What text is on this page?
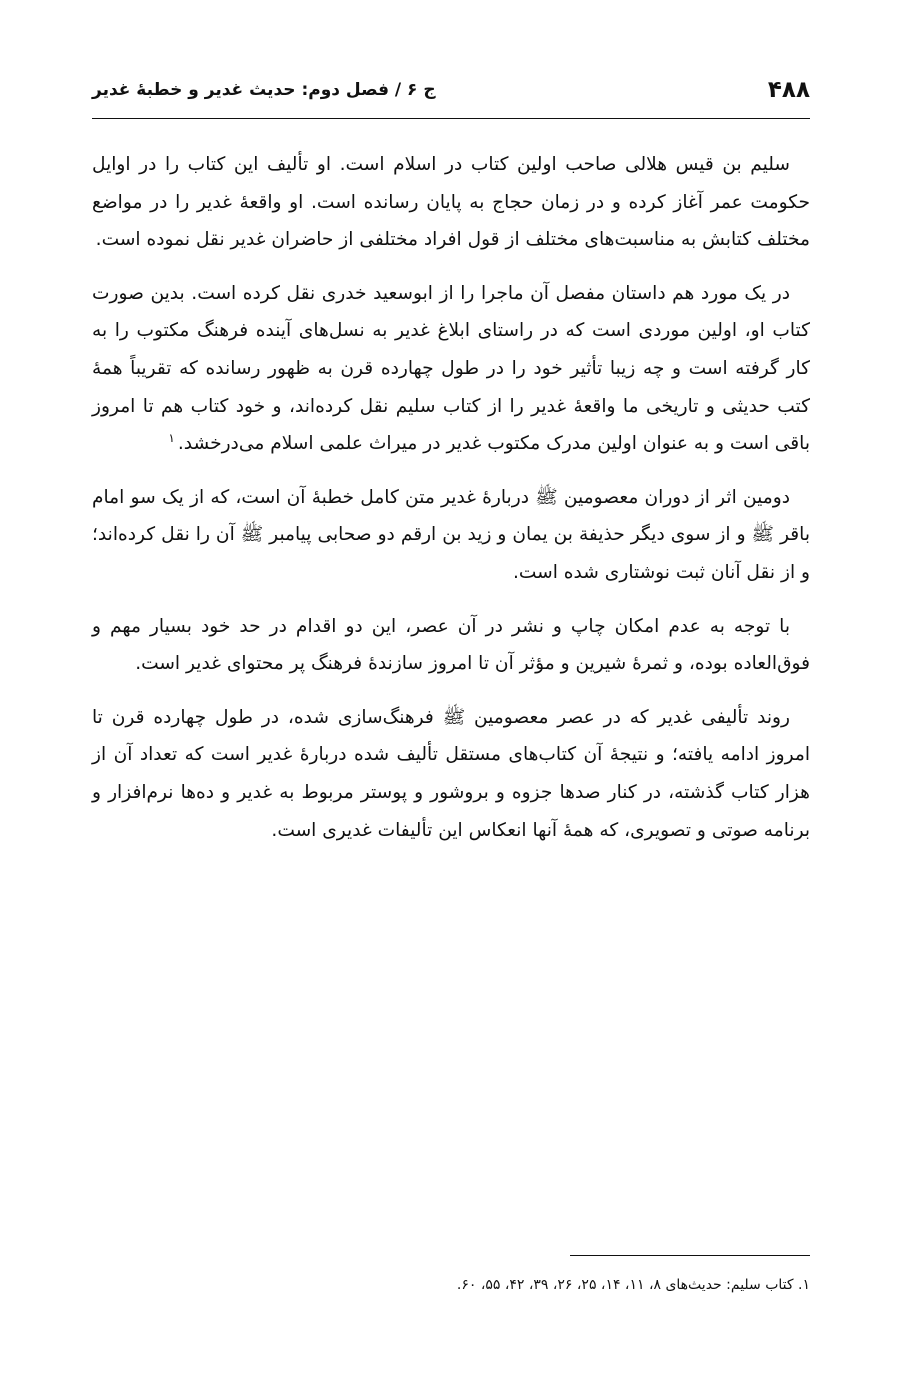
۴۸۸
ج ۶ / فصل دوم: حدیث غدیر و خطبهٔ غدیر

سلیم بن قیس هلالی صاحب اولین کتاب در اسلام است. او تألیف این کتاب را در اوایل حکومت عمر آغاز کرده و در زمان حجاج به پایان رسانده است. او واقعهٔ غدیر را در مواضع مختلف کتابش به مناسبت‌های مختلف از قول افراد مختلفی از حاضران غدیر نقل نموده است.

در یک مورد هم داستان مفصل آن ماجرا را از ابوسعید خدری نقل کرده است. بدین صورت کتاب او، اولین موردی است که در راستای ابلاغ غدیر به نسل‌های آینده فرهنگ مکتوب را به کار گرفته است و چه زیبا تأثیر خود را در طول چهارده قرن به ظهور رسانده که تقریباً همهٔ کتب حدیثی و تاریخی ما واقعهٔ غدیر را از کتاب سلیم نقل کرده‌اند، و خود کتاب هم تا امروز باقی است و به عنوان اولین مدرک مکتوب غدیر در میراث علمی اسلام می‌درخشد.$^۱$

دومین اثر از دوران معصومین ﷺ دربارهٔ غدیر متن کامل خطبهٔ آن است، که از یک سو امام باقر ﷺ و از سوی دیگر حذیفة بن یمان و زید بن ارقم دو صحابی پیامبر ﷺ آن را نقل کرده‌اند؛ و از نقل آنان ثبت نوشتاری شده است.

با توجه به عدم امکان چاپ و نشر در آن عصر، این دو اقدام در حد خود بسیار مهم و فوق‌العاده بوده، و ثمرهٔ شیرین و مؤثر آن تا امروز سازندهٔ فرهنگ پر محتوای غدیر است.

روند تألیفی غدیر که در عصر معصومین ﷺ فرهنگ‌سازی شده، در طول چهارده قرن تا امروز ادامه یافته؛ و نتیجهٔ آن کتاب‌های مستقل تألیف شده دربارهٔ غدیر است که تعداد آن از هزار کتاب گذشته، در کنار صدها جزوه و بروشور و پوستر مربوط به غدیر و ده‌ها نرم‌افزار و برنامه صوتی و تصویری، که همهٔ آنها انعکاس این تألیفات غدیری است.

۱. کتاب سلیم: حدیث‌های ۸، ۱۱، ۱۴، ۲۵، ۲۶، ۳۹، ۴۲، ۵۵، ۶۰.
